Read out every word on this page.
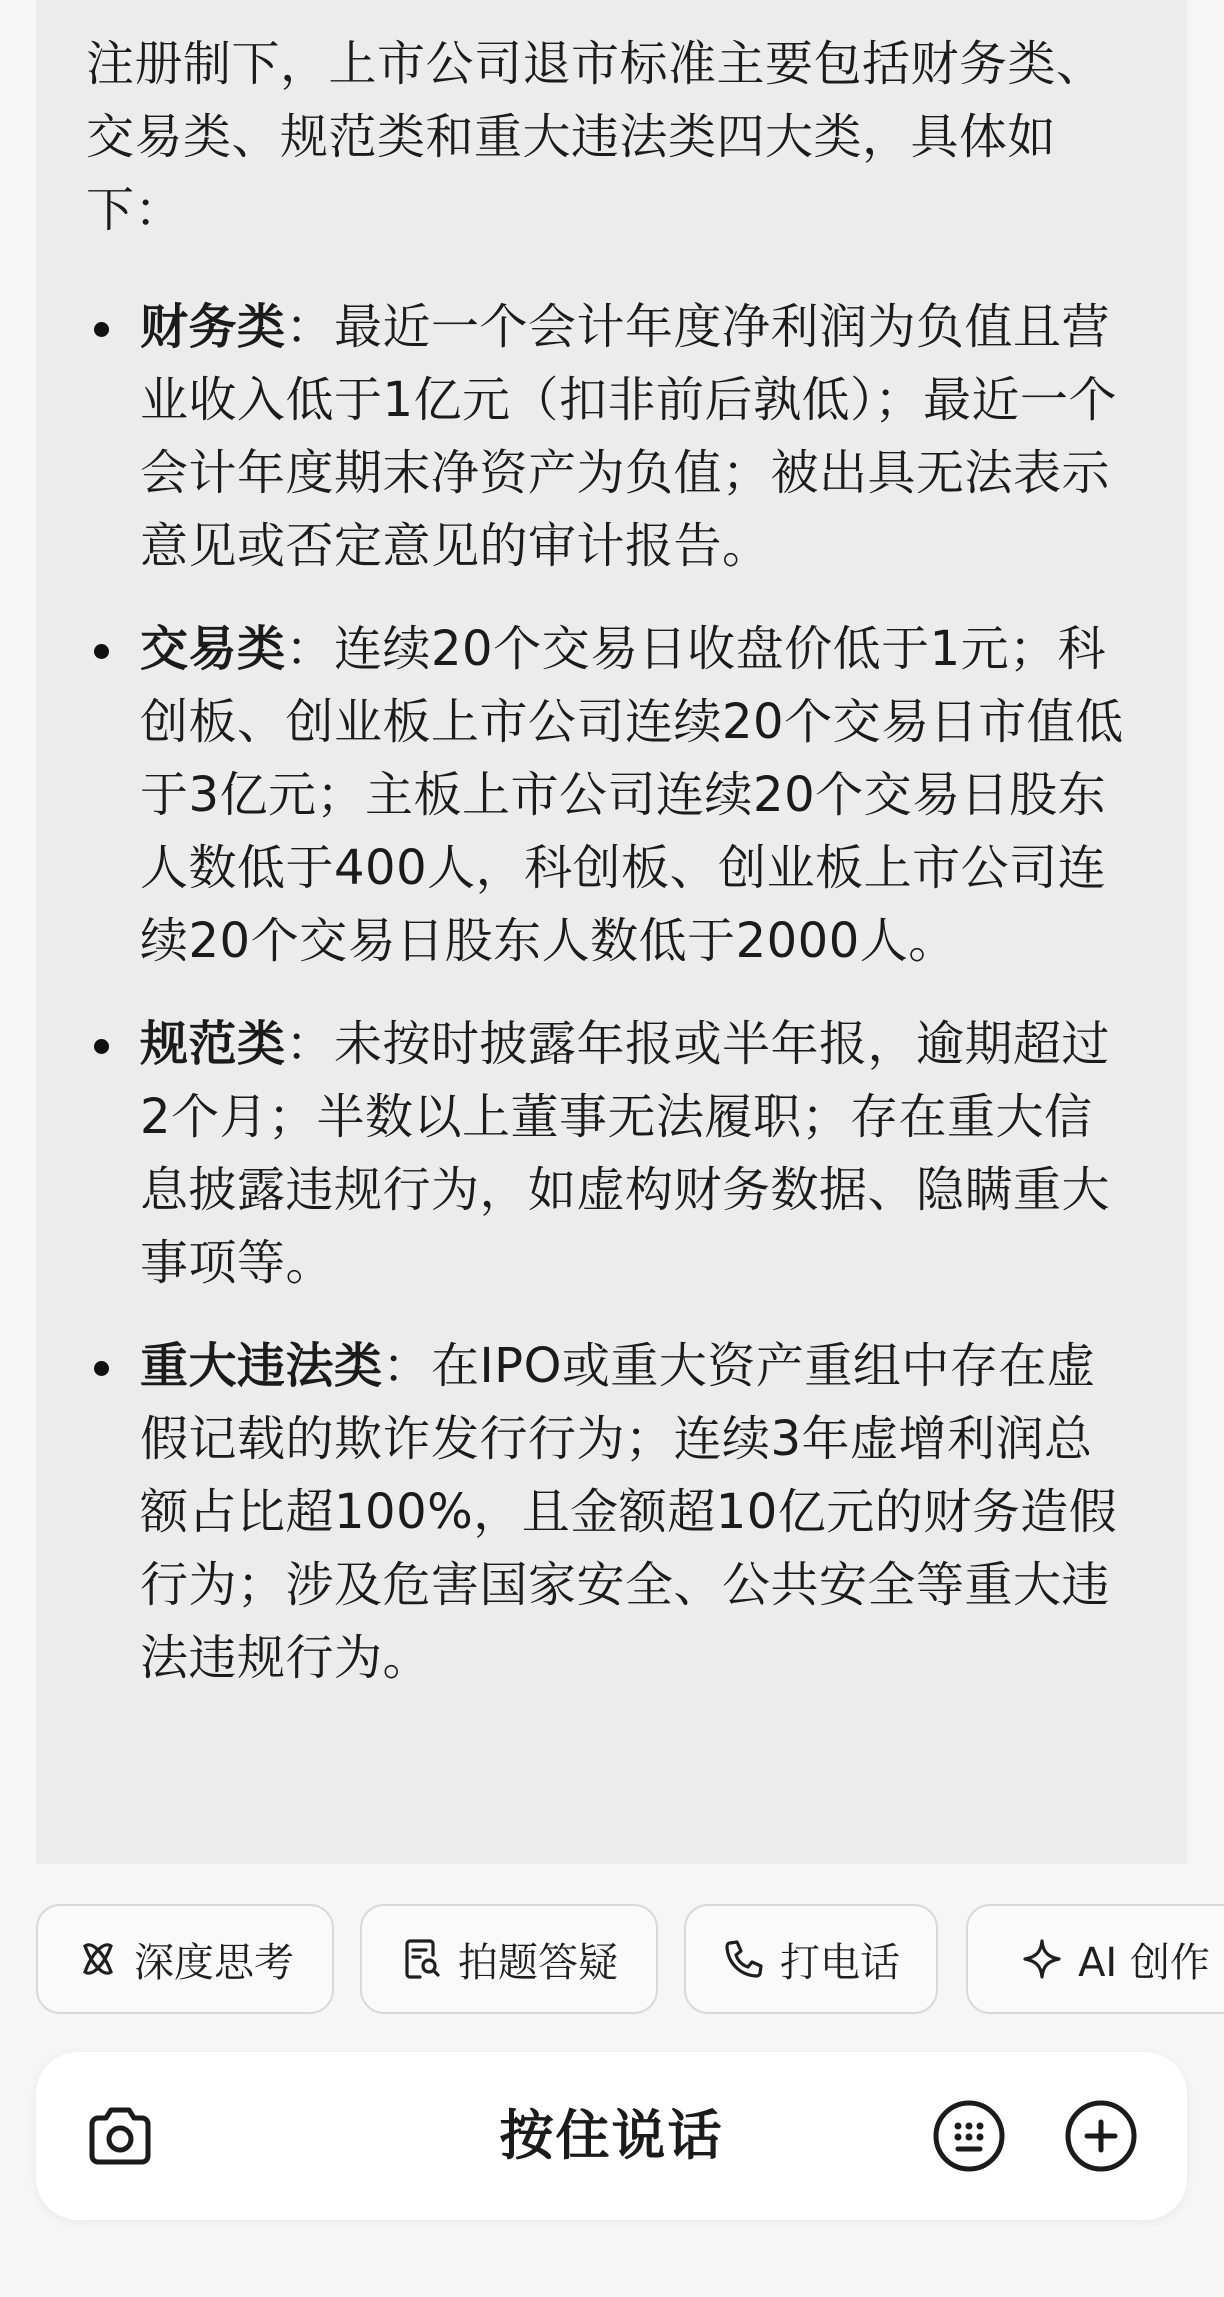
注册制下，上市公司退市标准主要包括财务类、交易类、规范类和重大违法类四大类，具体如下：

财务类：最近一个会计年度净利润为负值且营业收入低于1亿元（扣非前后孰低）；最近一个会计年度期末净资产为负值；被出具无法表示意见或否定意见的审计报告。
交易类：连续20个交易日收盘价低于1元；科创板、创业板上市公司连续20个交易日市值低于3亿元；主板上市公司连续20个交易日股东人数低于400人，科创板、创业板上市公司连续20个交易日股东人数低于2000人。
规范类：未按时披露年报或半年报，逾期超过2个月；半数以上董事无法履职；存在重大信息披露违规行为，如虚构财务数据、隐瞒重大事项等。
重大违法类：在IPO或重大资产重组中存在虚假记载的欺诈发行行为；连续3年虚增利润总额占比超100%，且金额超10亿元的财务造假行为；涉及危害国家安全、公共安全等重大违法违规行为。
深度思考	拍题答疑	打电话	AI 创作
按住说话
